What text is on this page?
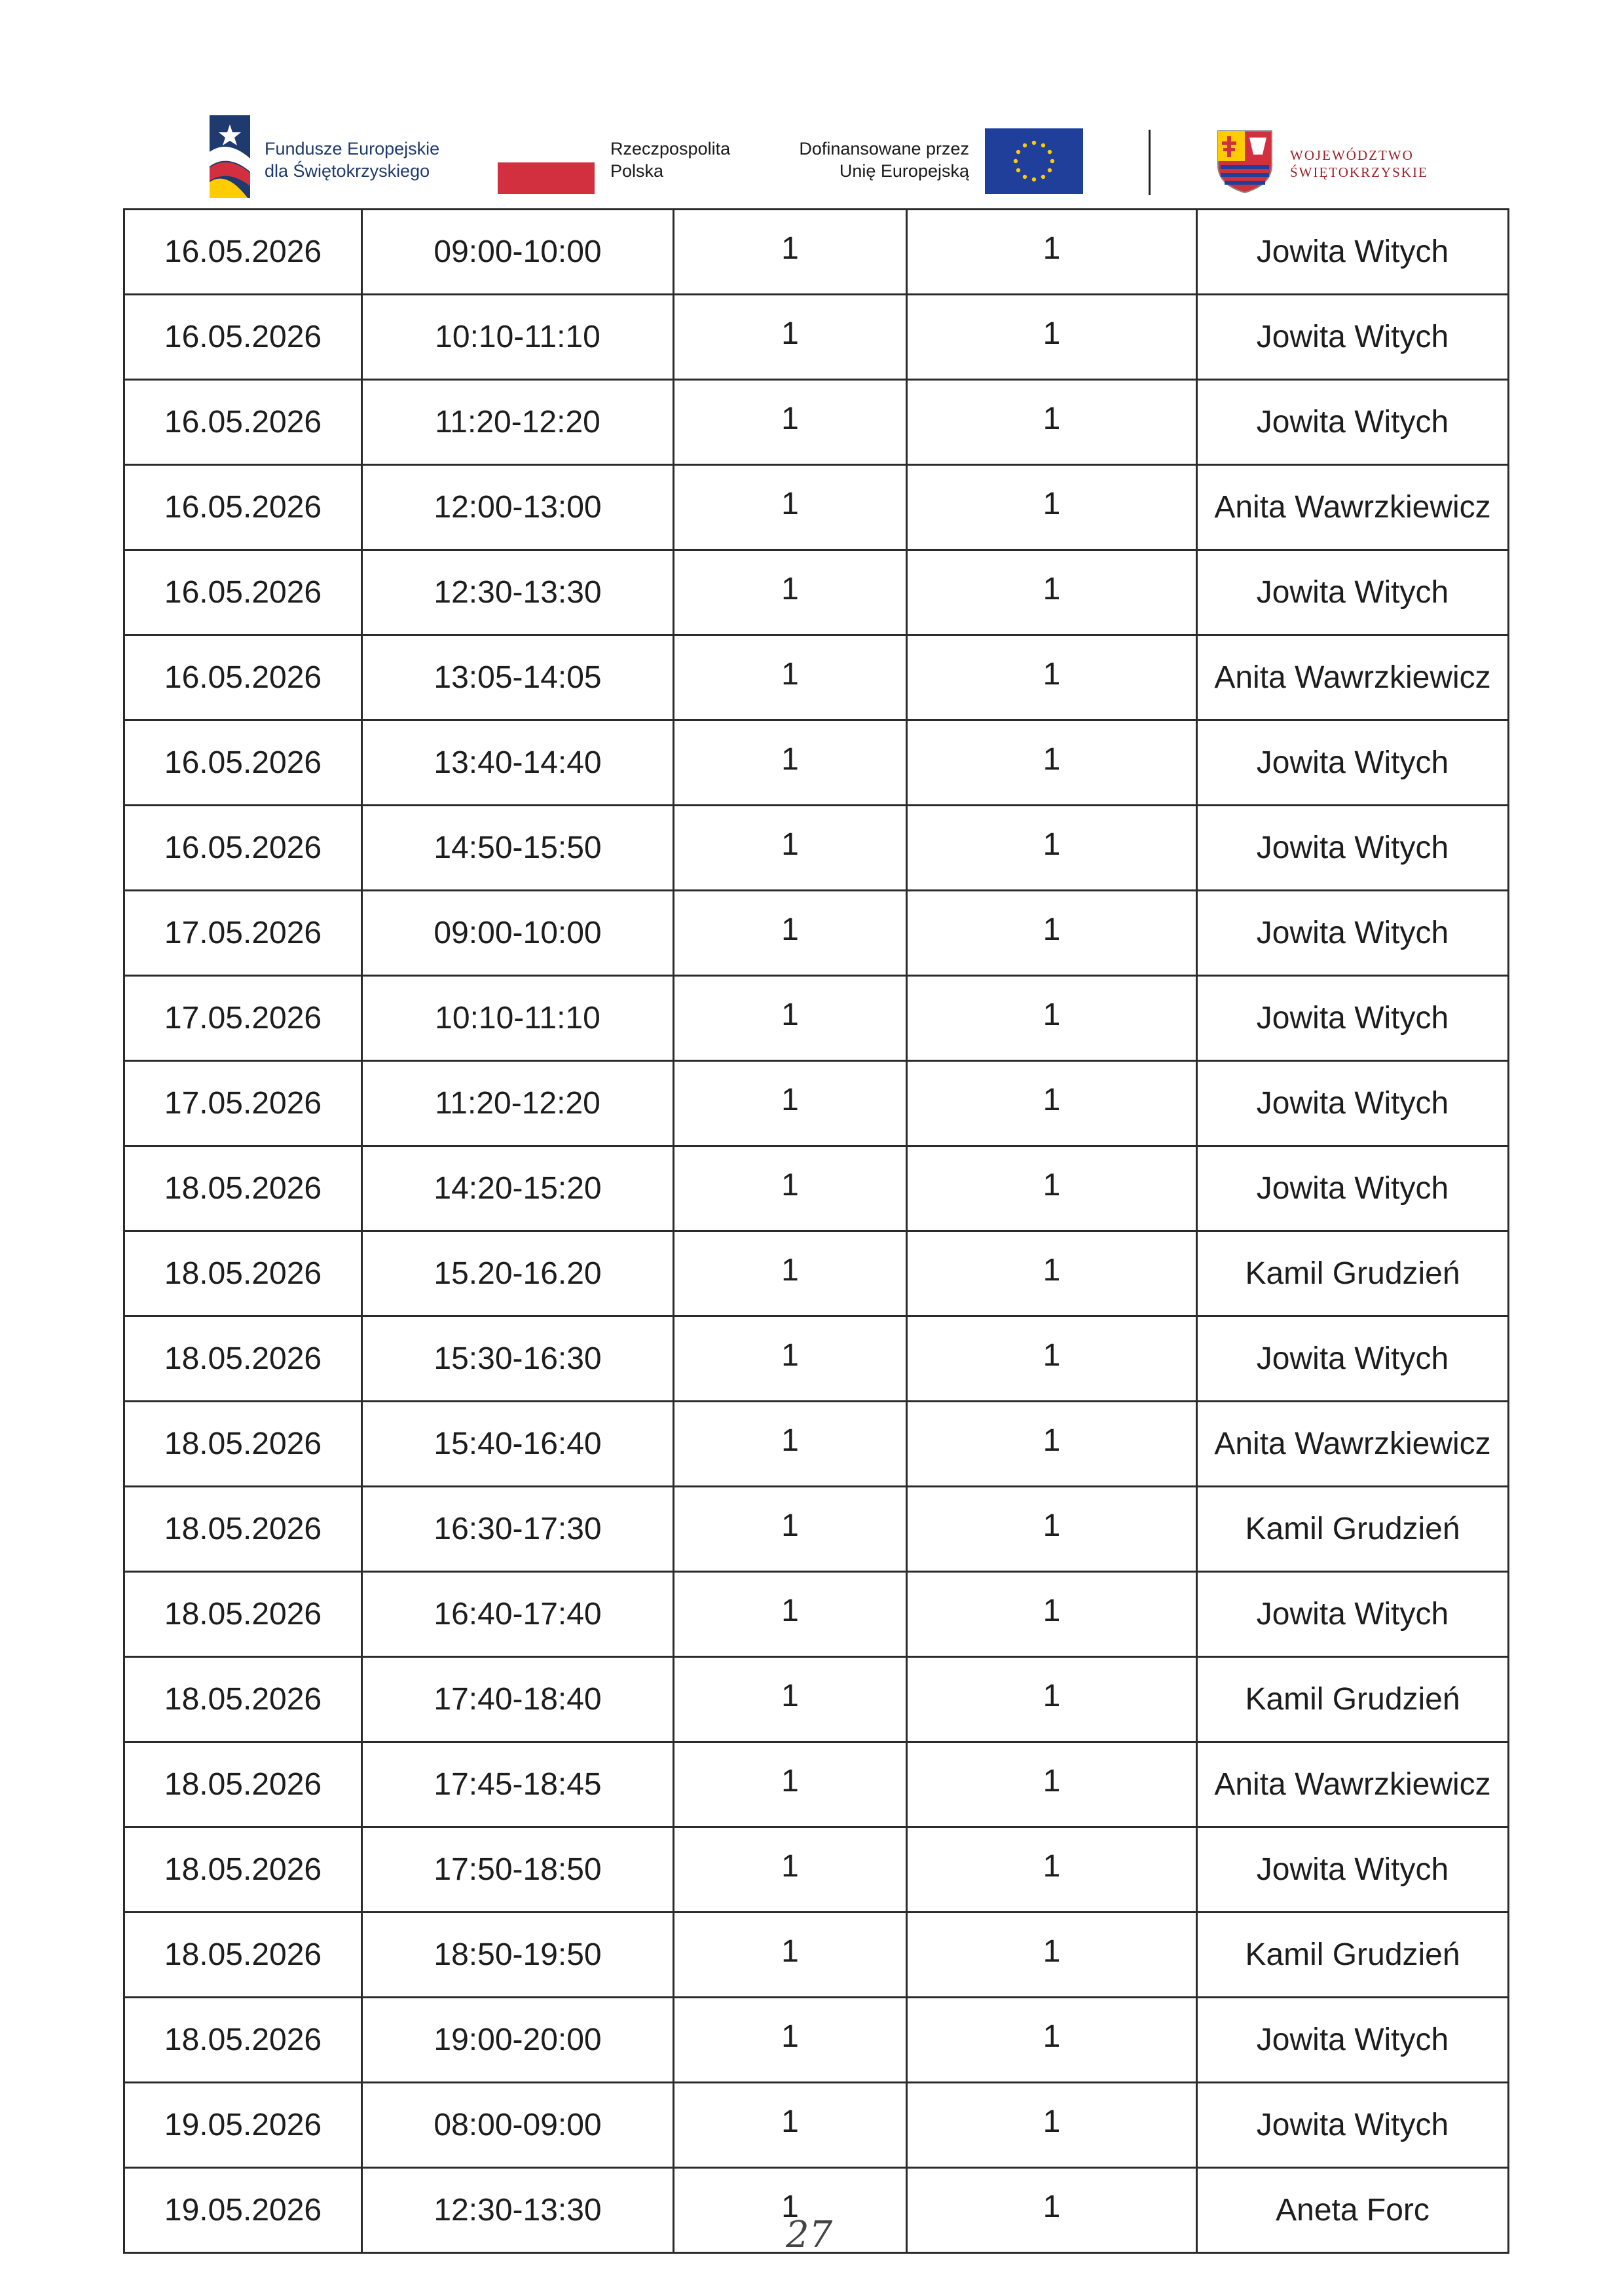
Fundusze Europejskie
dla Świętokrzyskiego
Rzeczpospolita
Polska
Dofinansowane przez
Unię Europejską
WOJEWÓDZTWO
ŚWIĘTOKRZYSKIE
16.05.2026	09:00-10:00	1	1	Jowita Witych
16.05.2026	10:10-11:10	1	1	Jowita Witych
16.05.2026	11:20-12:20	1	1	Jowita Witych
16.05.2026	12:00-13:00	1	1	Anita Wawrzkiewicz
16.05.2026	12:30-13:30	1	1	Jowita Witych
16.05.2026	13:05-14:05	1	1	Anita Wawrzkiewicz
16.05.2026	13:40-14:40	1	1	Jowita Witych
16.05.2026	14:50-15:50	1	1	Jowita Witych
17.05.2026	09:00-10:00	1	1	Jowita Witych
17.05.2026	10:10-11:10	1	1	Jowita Witych
17.05.2026	11:20-12:20	1	1	Jowita Witych
18.05.2026	14:20-15:20	1	1	Jowita Witych
18.05.2026	15.20-16.20	1	1	Kamil Grudzień
18.05.2026	15:30-16:30	1	1	Jowita Witych
18.05.2026	15:40-16:40	1	1	Anita Wawrzkiewicz
18.05.2026	16:30-17:30	1	1	Kamil Grudzień
18.05.2026	16:40-17:40	1	1	Jowita Witych
18.05.2026	17:40-18:40	1	1	Kamil Grudzień
18.05.2026	17:45-18:45	1	1	Anita Wawrzkiewicz
18.05.2026	17:50-18:50	1	1	Jowita Witych
18.05.2026	18:50-19:50	1	1	Kamil Grudzień
18.05.2026	19:00-20:00	1	1	Jowita Witych
19.05.2026	08:00-09:00	1	1	Jowita Witych
19.05.2026	12:30-13:30	1	1	Aneta Forc
27
